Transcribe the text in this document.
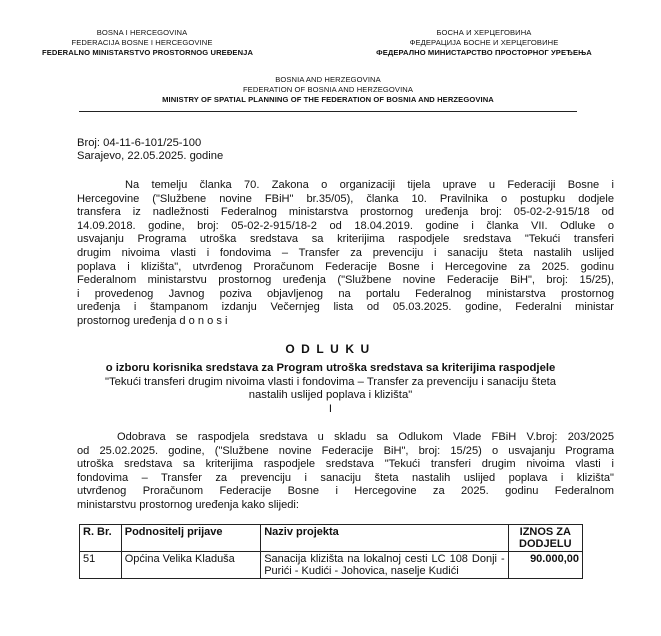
BOSNA I HERCEGOVINA
FEDERACIJA BOSNE I HERCEGOVINE
FEDERALNO MINISTARSTVO PROSTORNOG UREĐENJA
БОСНА И ХЕРЦЕГОВИНА
ФЕДЕРАЦИЈА БОСНЕ И ХЕРЦЕГОВИНЕ
ФЕДЕРАЛНО МИНИСТАРСТВО ПРОСТОРНОГ УРЕЂЕЊА
BOSNIA AND HERZEGOVINA
FEDERATION OF BOSNIA AND HERZEGOVINA
MINISTRY OF SPATIAL PLANNING OF THE FEDERATION OF BOSNIA AND HERZEGOVINA
Broj: 04-11-6-101/25-100
Sarajevo, 22.05.2025. godine
Na temelju članka 70. Zakona o organizaciji tijela uprave u Federaciji Bosne i
Hercegovine ("Službene novine FBiH" br.35/05), članka 10. Pravilnika o postupku dodjele
transfera iz nadležnosti Federalnog ministarstva prostornog uređenja broj: 05-02-2-915/18 od
14.09.2018. godine, broj: 05-02-2-915/18-2 od 18.04.2019. godine i članka VII. Odluke o
usvajanju Programa utroška sredstava sa kriterijima raspodjele sredstava "Tekući transferi
drugim nivoima vlasti i fondovima – Transfer za prevenciju i sanaciju šteta nastalih uslijed
poplava i klizišta", utvrđenog Proračunom Federacije Bosne i Hercegovine za 2025. godinu
Federalnom ministarstvu prostornog uređenja ("Službene novine Federacije BiH", broj: 15/25),
i provedenog Javnog poziva objavljenog na portalu Federalnog ministarstva prostornog
uređenja i štampanom izdanju Večernjeg lista od 05.03.2025. godine, Federalni ministar
prostornog uređenja d o n o s i
ODLUKU
o izboru korisnika sredstava za Program utroška sredstava sa kriterijima raspodjele
"Tekući transferi drugim nivoima vlasti i fondovima – Transfer za prevenciju i sanaciju šteta
nastalih uslijed poplava i klizišta"
I
Odobrava se raspodjela sredstava u skladu sa Odlukom Vlade FBiH V.broj: 203/2025
od 25.02.2025. godine, ("Službene novine Federacije BiH", broj: 15/25) o usvajanju Programa
utroška sredstava sa kriterijima raspodjele sredstava "Tekući transferi drugim nivoima vlasti i
fondovima – Transfer za prevenciju i sanaciju šteta nastalih uslijed poplava i klizišta"
utvrđenog Proračunom Federacije Bosne i Hercegovine za 2025. godinu Federalnom
ministarstvu prostornog uređenja kako slijedi:
R. Br.	Podnositelj prijave	Naziv projekta	IZNOS ZA DODJELU
51	Općina Velika Kladuša	Sanacija klizišta na lokalnoj cesti LC 108 Donji -Purići - Kudići - Johovica, naselje Kudići	90.000,00
